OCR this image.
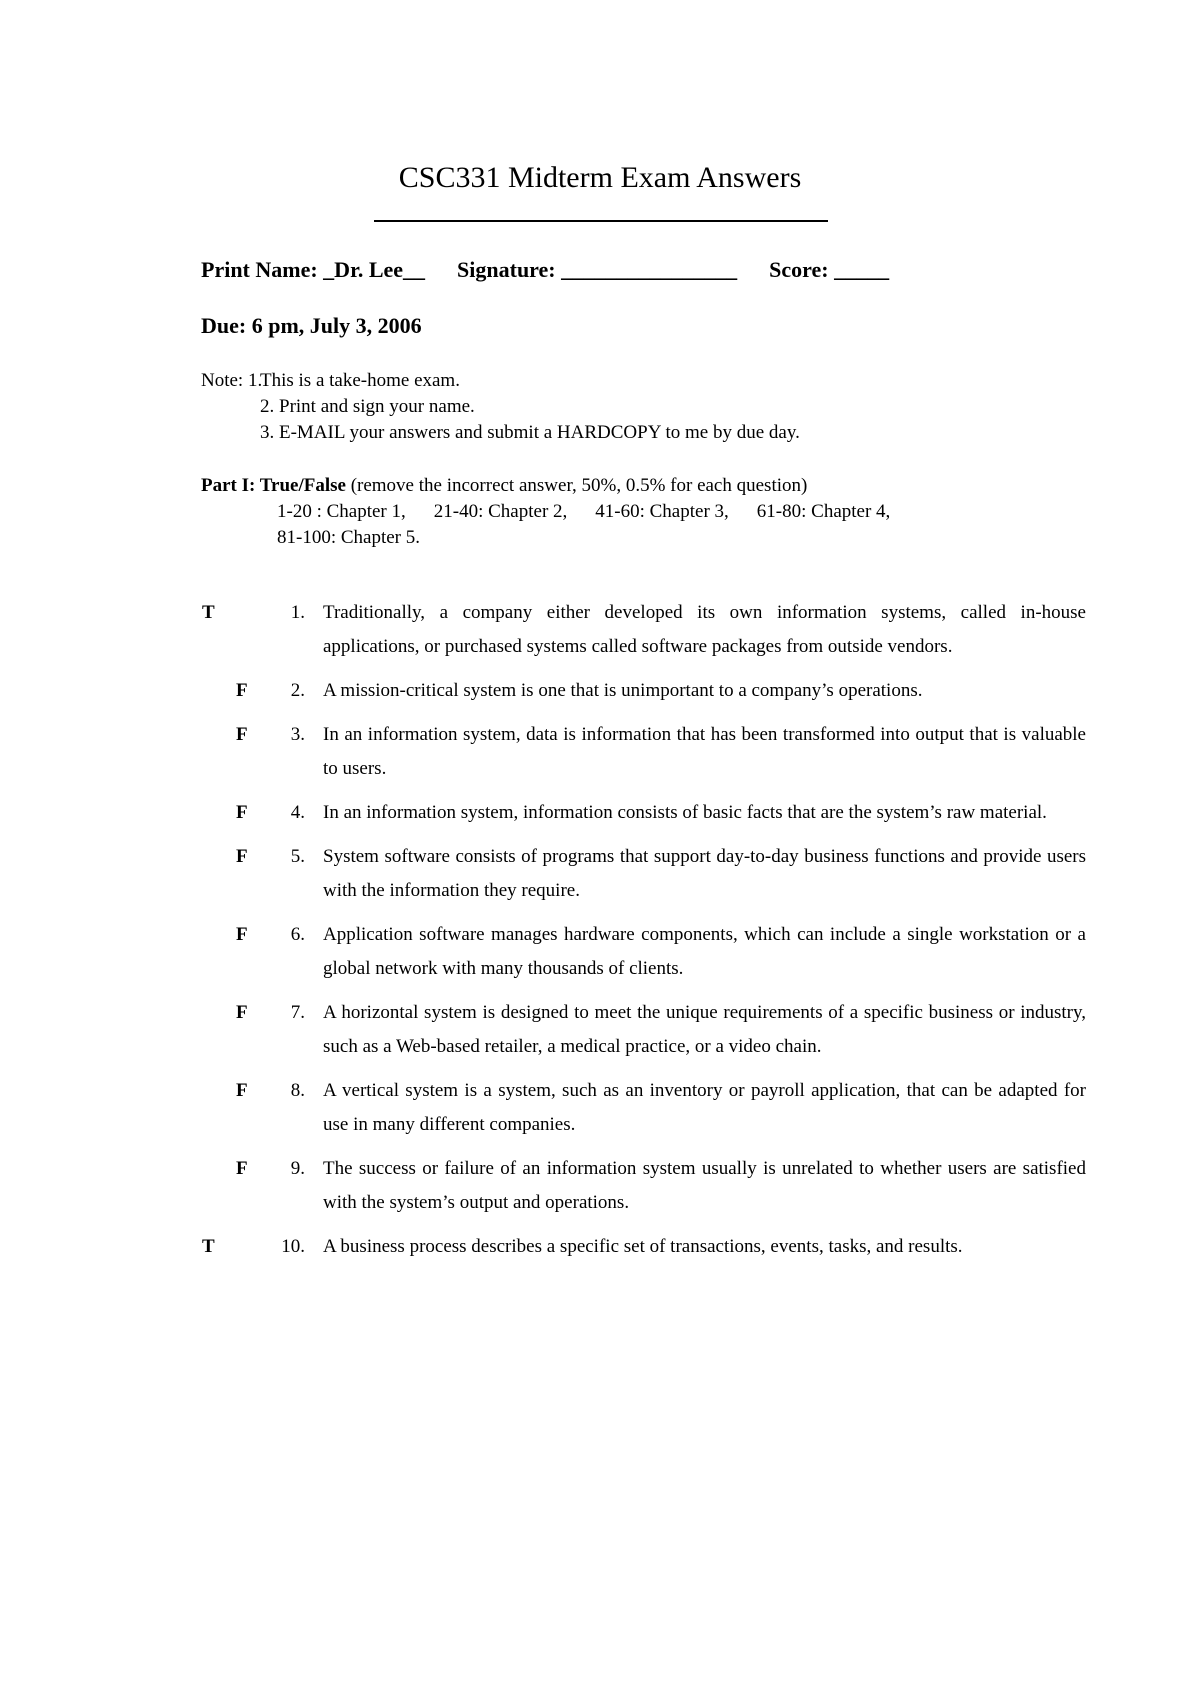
CSC331 Midterm Exam Answers
Print Name: _Dr. Lee__ Signature: ________________ Score: _____
Due: 6 pm, July 3, 2006
Note: 1.
This is a take-home exam.
2. Print and sign your name.
3. E-MAIL your answers and submit a HARDCOPY to me by due day.
Part I: True/False (remove the incorrect answer, 50%, 0.5% for each question)
1-20 : Chapter 1, 21-40: Chapter 2, 41-60: Chapter 3, 61-80: Chapter 4,
81-100: Chapter 5.
T	1. Traditionally, a company either developed its own information systems, called in-house applications, or purchased systems called software packages from outside vendors.
F	2. A mission-critical system is one that is unimportant to a company’s operations.
F	3. In an information system, data is information that has been transformed into output that is valuable to users.
F	4. In an information system, information consists of basic facts that are the system’s raw material.
F	5. System software consists of programs that support day-to-day business functions and provide users with the information they require.
F	6. Application software manages hardware components, which can include a single workstation or a global network with many thousands of clients.
F	7. A horizontal system is designed to meet the unique requirements of a specific business or industry, such as a Web-based retailer, a medical practice, or a video chain.
F	8. A vertical system is a system, such as an inventory or payroll application, that can be adapted for use in many different companies.
F	9. The success or failure of an information system usually is unrelated to whether users are satisfied with the system’s output and operations.
T	10. A business process describes a specific set of transactions, events, tasks, and results.
